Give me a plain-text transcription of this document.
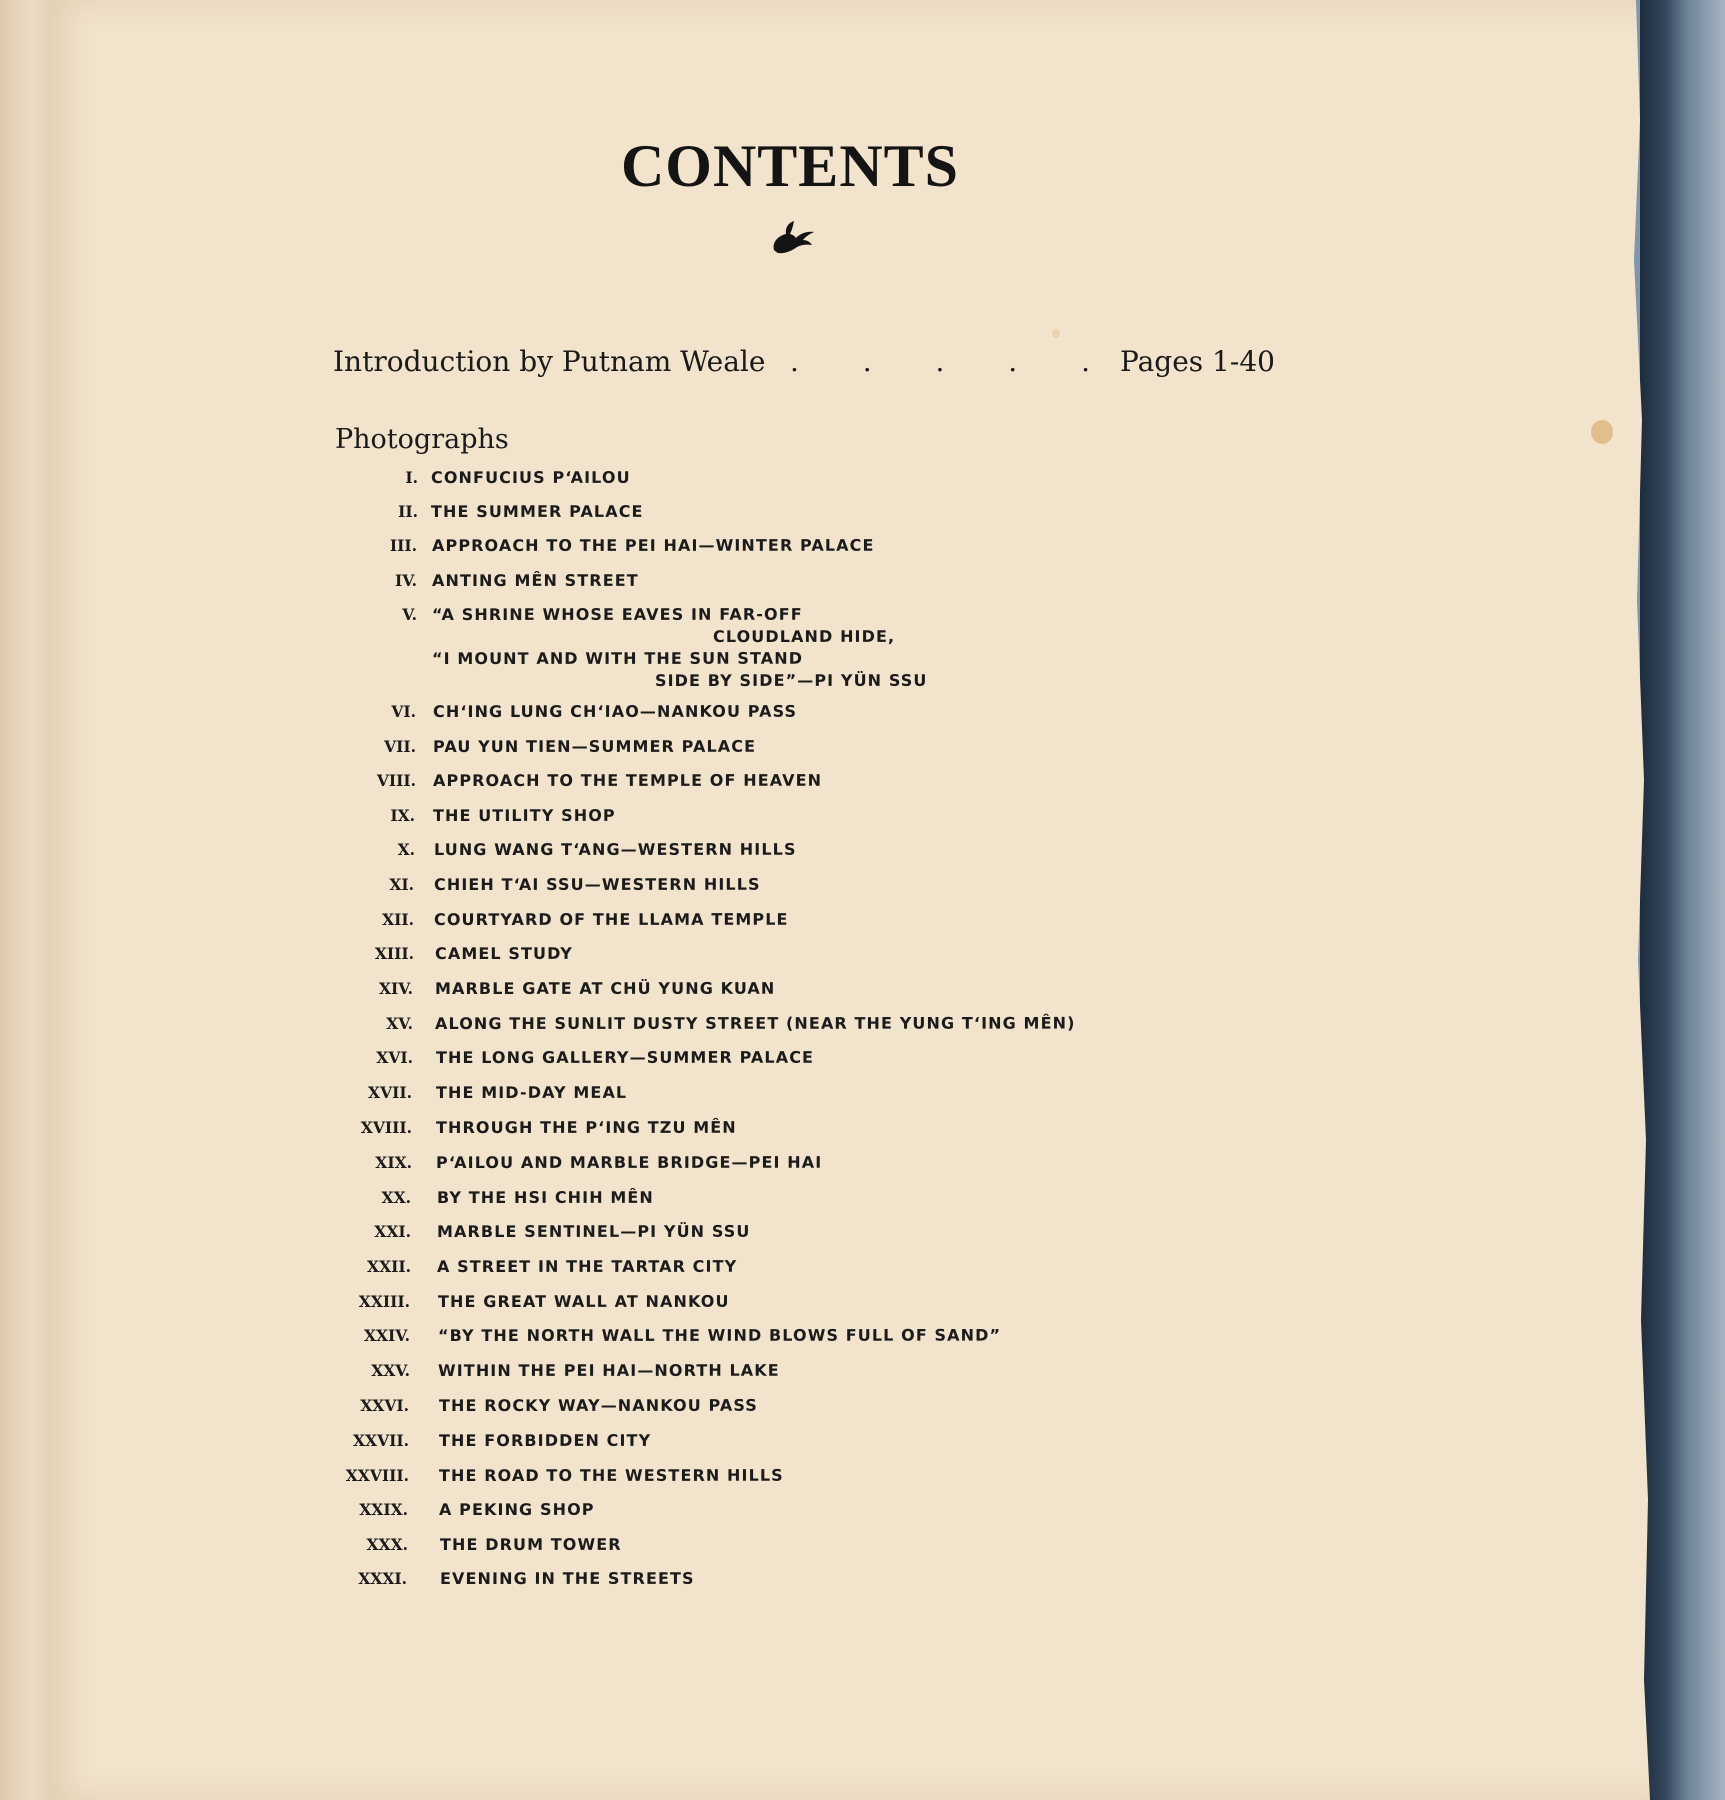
CONTENTS
Introduction by Putnam Weale . . . . . Pages 1-40
Photographs
I. CONFUCIUS P‘AILOU
II. THE SUMMER PALACE
III. APPROACH TO THE PEI HAI—WINTER PALACE
IV. ANTING MÊN STREET
V. “A SHRINE WHOSE EAVES IN FAR-OFF
CLOUDLAND HIDE,
“I MOUNT AND WITH THE SUN STAND
SIDE BY SIDE”—PI YÜN SSU
VI. CH‘ING LUNG CH‘IAO—NANKOU PASS
VII. PAU YUN TIEN—SUMMER PALACE
VIII. APPROACH TO THE TEMPLE OF HEAVEN
IX. THE UTILITY SHOP
X. LUNG WANG T‘ANG—WESTERN HILLS
XI. CHIEH T‘AI SSU—WESTERN HILLS
XII. COURTYARD OF THE LLAMA TEMPLE
XIII. CAMEL STUDY
XIV. MARBLE GATE AT CHÜ YUNG KUAN
XV. ALONG THE SUNLIT DUSTY STREET (NEAR THE YUNG T‘ING MÊN)
XVI. THE LONG GALLERY—SUMMER PALACE
XVII. THE MID-DAY MEAL
XVIII. THROUGH THE P‘ING TZU MÊN
XIX. P‘AILOU AND MARBLE BRIDGE—PEI HAI
XX. BY THE HSI CHIH MÊN
XXI. MARBLE SENTINEL—PI YÜN SSU
XXII. A STREET IN THE TARTAR CITY
XXIII. THE GREAT WALL AT NANKOU
XXIV. “BY THE NORTH WALL THE WIND BLOWS FULL OF SAND”
XXV. WITHIN THE PEI HAI—NORTH LAKE
XXVI. THE ROCKY WAY—NANKOU PASS
XXVII. THE FORBIDDEN CITY
XXVIII. THE ROAD TO THE WESTERN HILLS
XXIX. A PEKING SHOP
XXX. THE DRUM TOWER
XXXI. EVENING IN THE STREETS
